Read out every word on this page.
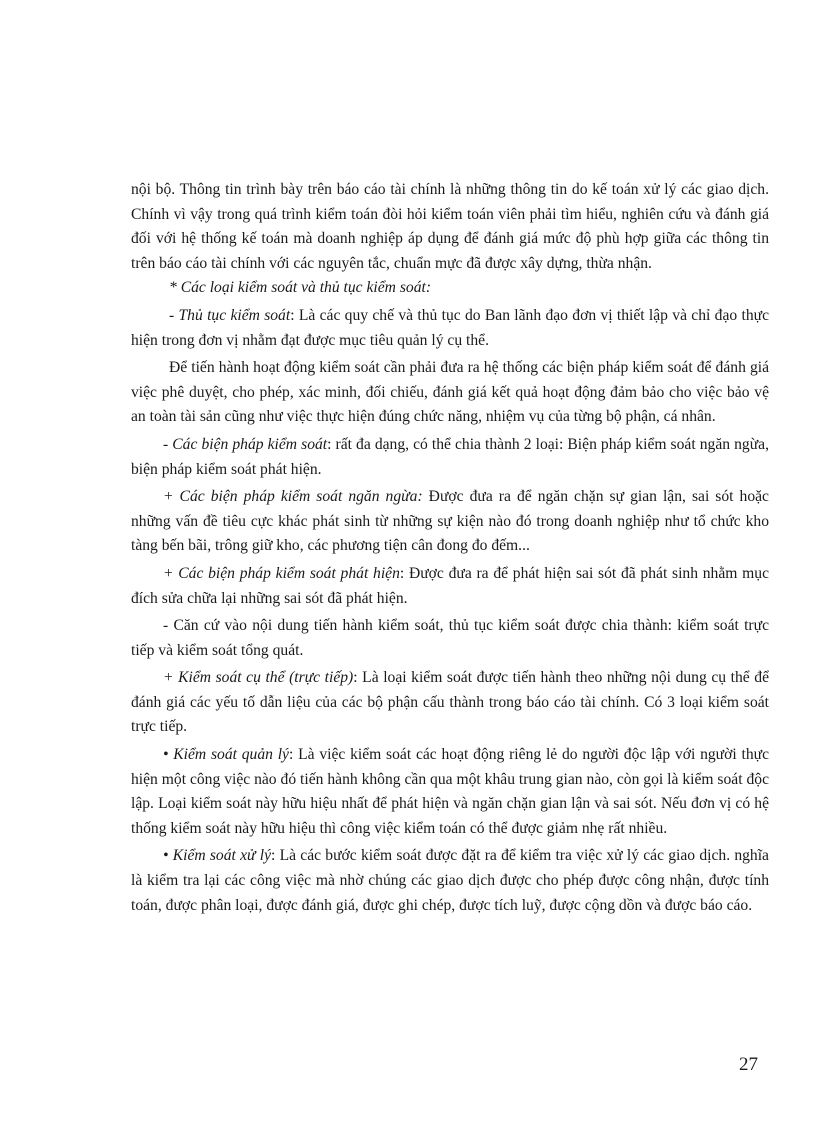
nội bộ. Thông tin trình bày trên báo cáo tài chính là những thông tin do kế toán xử lý các giao dịch. Chính vì vậy trong quá trình kiểm toán đòi hỏi kiểm toán viên phải tìm hiểu, nghiên cứu và đánh giá đối với hệ thống kế toán mà doanh nghiệp áp dụng để đánh giá mức độ phù hợp giữa các thông tin trên báo cáo tài chính với các nguyên tắc, chuẩn mực đã được xây dựng, thừa nhận.

* Các loại kiểm soát và thủ tục kiểm soát:

- Thủ tục kiểm soát: Là các quy chế và thủ tục do Ban lãnh đạo đơn vị thiết lập và chỉ đạo thực hiện trong đơn vị nhằm đạt được mục tiêu quản lý cụ thể.

Để tiến hành hoạt động kiểm soát cần phải đưa ra hệ thống các biện pháp kiểm soát để đánh giá việc phê duyệt, cho phép, xác minh, đối chiếu, đánh giá kết quả hoạt động đảm bảo cho việc bảo vệ an toàn tài sản cũng như việc thực hiện đúng chức năng, nhiệm vụ của từng bộ phận, cá nhân.

- Các biện pháp kiểm soát: rất đa dạng, có thể chia thành 2 loại: Biện pháp kiểm soát ngăn ngừa, biện pháp kiểm soát phát hiện.

+ Các biện pháp kiểm soát ngăn ngừa: Được đưa ra để ngăn chặn sự gian lận, sai sót hoặc những vấn đề tiêu cực khác phát sinh từ những sự kiện nào đó trong doanh nghiệp như tổ chức kho tàng bến bãi, trông giữ kho, các phương tiện cân đong đo đếm...

+ Các biện pháp kiểm soát phát hiện: Được đưa ra để phát hiện sai sót đã phát sinh nhằm mục đích sửa chữa lại những sai sót đã phát hiện.

- Căn cứ vào nội dung tiến hành kiểm soát, thủ tục kiểm soát được chia thành: kiểm soát trực tiếp và kiểm soát tổng quát.

+ Kiểm soát cụ thể (trực tiếp): Là loại kiểm soát được tiến hành theo những nội dung cụ thể để đánh giá các yếu tố dẫn liệu của các bộ phận cấu thành trong báo cáo tài chính. Có 3 loại kiểm soát trực tiếp.

• Kiểm soát quản lý: Là việc kiểm soát các hoạt động riêng lẻ do người độc lập với người thực hiện một công việc nào đó tiến hành không cần qua một khâu trung gian nào, còn gọi là kiểm soát độc lập. Loại kiểm soát này hữu hiệu nhất để phát hiện và ngăn chặn gian lận và sai sót. Nếu đơn vị có hệ thống kiểm soát này hữu hiệu thì công việc kiểm toán có thể được giảm nhẹ rất nhiều.

• Kiểm soát xử lý: Là các bước kiểm soát được đặt ra để kiểm tra việc xử lý các giao dịch. nghĩa là kiểm tra lại các công việc mà nhờ chúng các giao dịch được cho phép được công nhận, được tính toán, được phân loại, được đánh giá, được ghi chép, được tích luỹ, được cộng dồn và được báo cáo.

27
